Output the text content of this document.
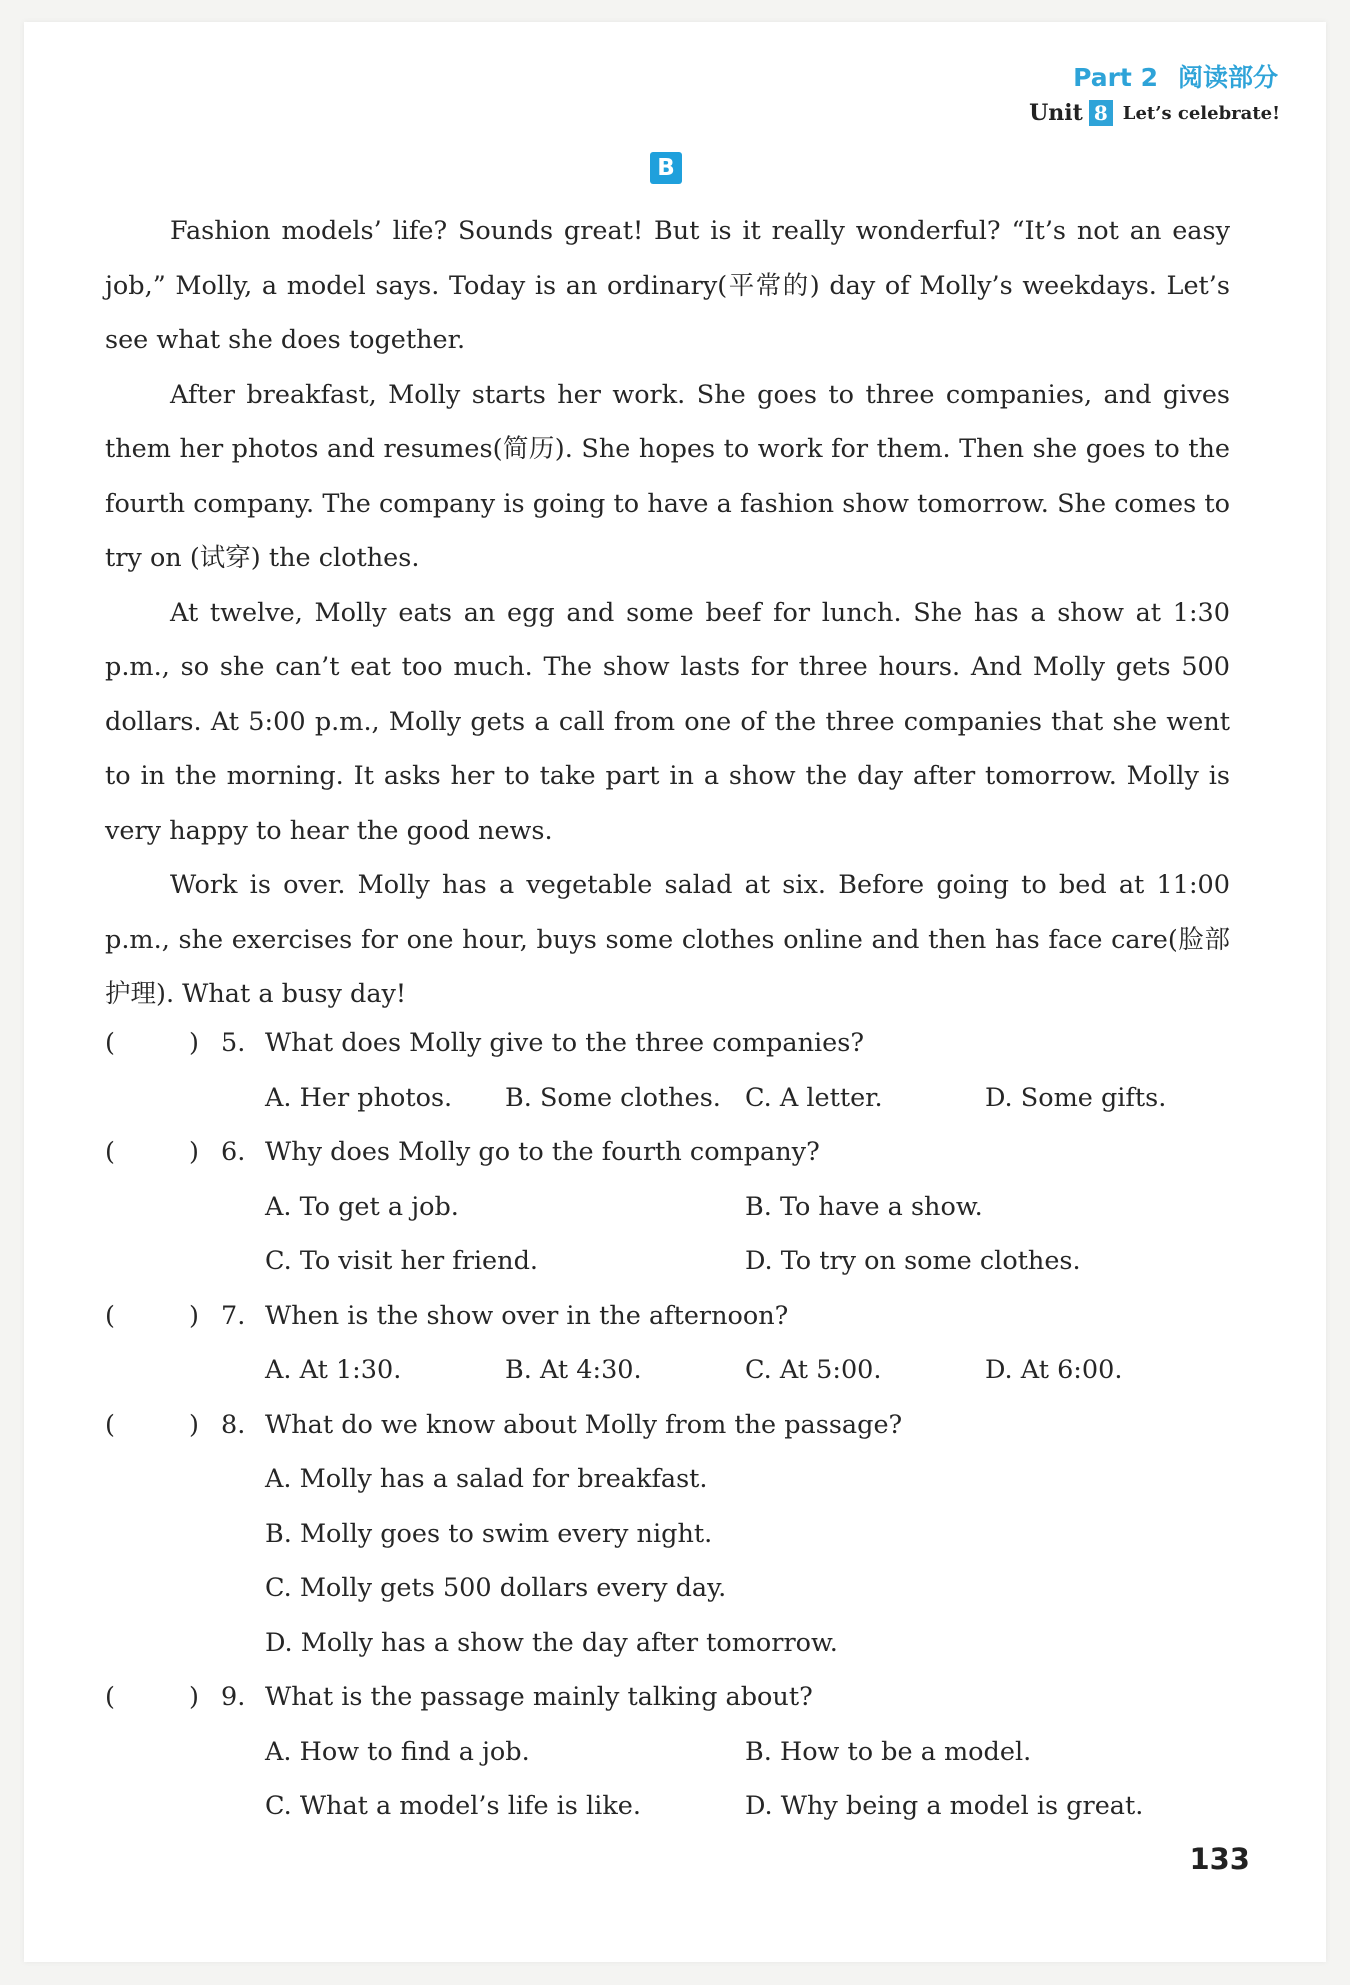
Part 2 阅读部分
Unit 8 Let’s celebrate!
B

Fashion models’ life? Sounds great! But is it really wonderful? “It’s not an easy job,” Molly, a model says. Today is an ordinary(平常的) day of Molly’s weekdays. Let’s see what she does together.

After breakfast, Molly starts her work. She goes to three companies, and gives them her photos and resumes(简历). She hopes to work for them. Then she goes to the fourth company. The company is going to have a fashion show tomorrow. She comes to try on (试穿) the clothes.

At twelve, Molly eats an egg and some beef for lunch. She has a show at 1:30 p.m., so she can’t eat too much. The show lasts for three hours. And Molly gets 500 dollars. At 5:00 p.m., Molly gets a call from one of the three companies that she went to in the morning. It asks her to take part in a show the day after tomorrow. Molly is very happy to hear the good news.

Work is over. Molly has a vegetable salad at six. Before going to bed at 11:00 p.m., she exercises for one hour, buys some clothes online and then has face care(脸部护理). What a busy day!

(	) 5. What does Molly give to the three companies?
A. Her photos. B. Some clothes. C. A letter.	D. Some gifts.
(	) 6. Why does Molly go to the fourth company?
A. To get a job.	B. To have a show.
C. To visit her friend.	D. To try on some clothes.
(	) 7. When is the show over in the afternoon?
A. At 1:30.	B. At 4:30.	C. At 5:00.	D. At 6:00.
(	) 8. What do we know about Molly from the passage?
A. Molly has a salad for breakfast.
B. Molly goes to swim every night.
C. Molly gets 500 dollars every day.
D. Molly has a show the day after tomorrow.
(	) 9. What is the passage mainly talking about?
A. How to find a job.	B. How to be a model.
C. What a model’s life is like.	D. Why being a model is great.
133
